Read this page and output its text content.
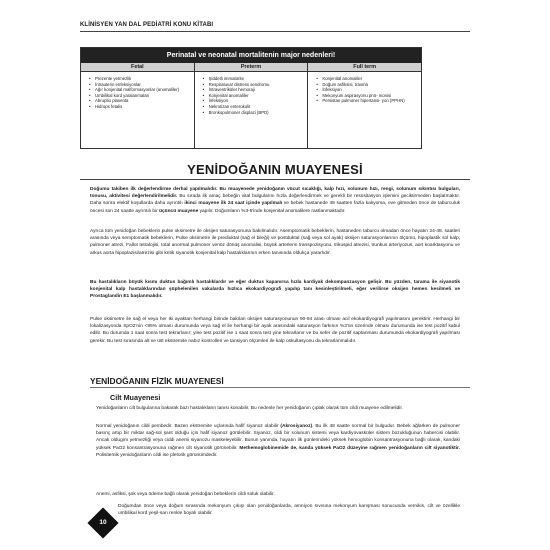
KLİNİSYEN YAN DAL PEDİATRİ KONU KİTABI
Perinatal ve neonatal mortalitenin major nedenleri!
Fetal
• Prezente yetmezlik
• İntrauterin enfeksiyonlar
• Ağır konjenital malformasyonlar (anomaliler)
• Umbilikal kord yaralanmaları
• Abruptio plasenta
• Hidrops fetalis
Preterm
• Şiddetli immatürite
• Respiratuvar distress sendromu
• İntraventriküler hemoraji
• Konjenital anomaliler
• İnfeksiyon
• Nekrotizan enterokolit
• Bronkopulmoner displazi (BPD)
Full term
• Konjenital anomaliler
• Doğum asfiksisi, travma
• İnfeksiyon
• Mekonyum aspirasyonu pnö- monisi
• Persistan pulmoner hipertansi- yon (PPHN)
YENİDOĞANIN MUAYENESİ

Doğumu takiben ilk değerlendirme derhal yapılmalıdır. Bu muayenede yenidoğanın vücut sıcaklığı, kalp hızı, solunum hızı, rengi, solunum sıkıntısı bulguları, tonusu, aktivitesi değerlendirilmelidir. Bu sırada ilk amaç bebeğin vital bulgularını hızla değerlendirmek ve gerekli bir resüsitasyon işlemini geciktirmeden başlatmaktır. Daha sonra elektif koşullarda daha ayrıntılı ikinci muayene ilk 24 saat içinde yapılmalı ve bebek hastanede 48 saatten fazla kalıyorsa, eve gitmeden önce de taburculuk öncesi son 24 saatte ayrıntılı bir üçüncü muayene yapılır. Doğumların %3-5'inde konjenital anomalilere rastlanmaktadır.

Ayrıca tüm yenidoğan bebeklerin pulse oksimetre ile oksijen saturasyonuna bakılmalıdır. Asemptomatik bebeklerin, hastaneden taburcu olmadan önce hayatın 24-48. saatleri arasında veya semptomatik bebeklerin, Pulse oksimetre ile prediuktal (sağ el bileği) ve postduktal (sağ veya sol ayak) oksijen saturasyonlarının ölçümü, hipoplastik sol kalp, pulmoner atrezi, Fallot tetralojisi, total anormal pulmoner venöz dönüş anomalisi, büyük arterlerin transpozisyonu, trikuspid atrezisi, trunkus arteriyozus, aort koarktasyonu ve arkus aorta hipoplazisi/atrezisi gibi kritik siyanotik konjenital kalp hastalıklarının erken tanısında oldukça yararlıdır.

Bu hastalıkların büyük kısmı duktus bağımlı hastalıklardır ve eğer duktus kapanırsa hızla kardiyak dekompanzasyon gelişir. Bu yüzden, tarama ile siyanotik konjenital kalp hastalıklarından şüphelenilen vakalarda hızlıca ekokardiyografi yapılıp tanı kesinleştirilmeli, eğer verilirse oksijen hemen kesilmeli ve Prostaglandin E1 başlanmalıdır.

Pulse oksimetre ile sağ el veya her iki ayaktan herhangi birinde bakılan oksijen saturasyonunun 90-94 arası olması acil ekokardiyografi yapılmasını gerektirir. Herhangi bir lokalizasyonda SpO2'nin <95% olması durumunda veya sağ el ile herhangi bir ayak arasındaki saturasyon farkının %3'ün üzerinde olması durumunda ise test pozitif kabul edilir. Bu durumda 1 saat sonra test tekrarlanır; yine test pozitif ise 1 saat sonra test yine tekrarlanır ve bu sefer de pozitif saptanması durumunda ekokardiyografi yapılması gerekir. Bu test sırasında alt ve üst ekstremite nabız kontrolleri ve tansiyon ölçümleri ile kalp oskultasyonu da tekrarlanmalıdır.

YENİDOĞANIN FİZİK MUAYENESİ
Cilt Muayenesi

Yenidoğanların cilt bulgularına bakarak bazı hastalıkların tanısı konabilir. Bu nedenle her yenidoğanın çıplak olarak tüm cildi muayene edilmelidir.

Normal yenidoğanın cildi pembedir. Bazen ekstremite uçlarında hafif siyanoz olabilir (Akrosiyanoz). Bu ilk 48 saatte normal bir bulgudur. Bebek ağlarken de pulmoner basınç artıp bir miktar sağ-sol şant olduğu için hafif siyanoz görülebilir. Siyanoz, cildi bir solunum sistemi veya kardiyovasküler sistem bozukluğunun habercisi olabilir. Ancak oldugım yetmezliği veya ciddi anemi siyanozu maskeleyebilir. Bunun yanında, hayatın ilk günlerindeki yüksek hemoglobin konsantrasyonuna bağlı olarak, kandaki yüksek PaO2 konsantrasyonuna rağmen cilt siyanotik görünebilir. Methemoglobinemide de, kanda yüksek PaO2 düzeyine rağmen yenidoğanların cilt siyanotiktir. Polisitemik yenidoğanların cildi ise pletorik görünümdedir.

Anemi, asfiksi, şok veya ödeme bağlı olarak yenidoğan bebeklerin cildi soluk olabilir.

Doğumdan önce veya doğum sırasında mekonyum çıkışı olan yenidoğanlarda, amniyon sıvısına mekonyum karışması sonucunda vernikis, cilt ve özellikle umbilikal kord yeşil-sarı renkle boyalı olabilir.

10
